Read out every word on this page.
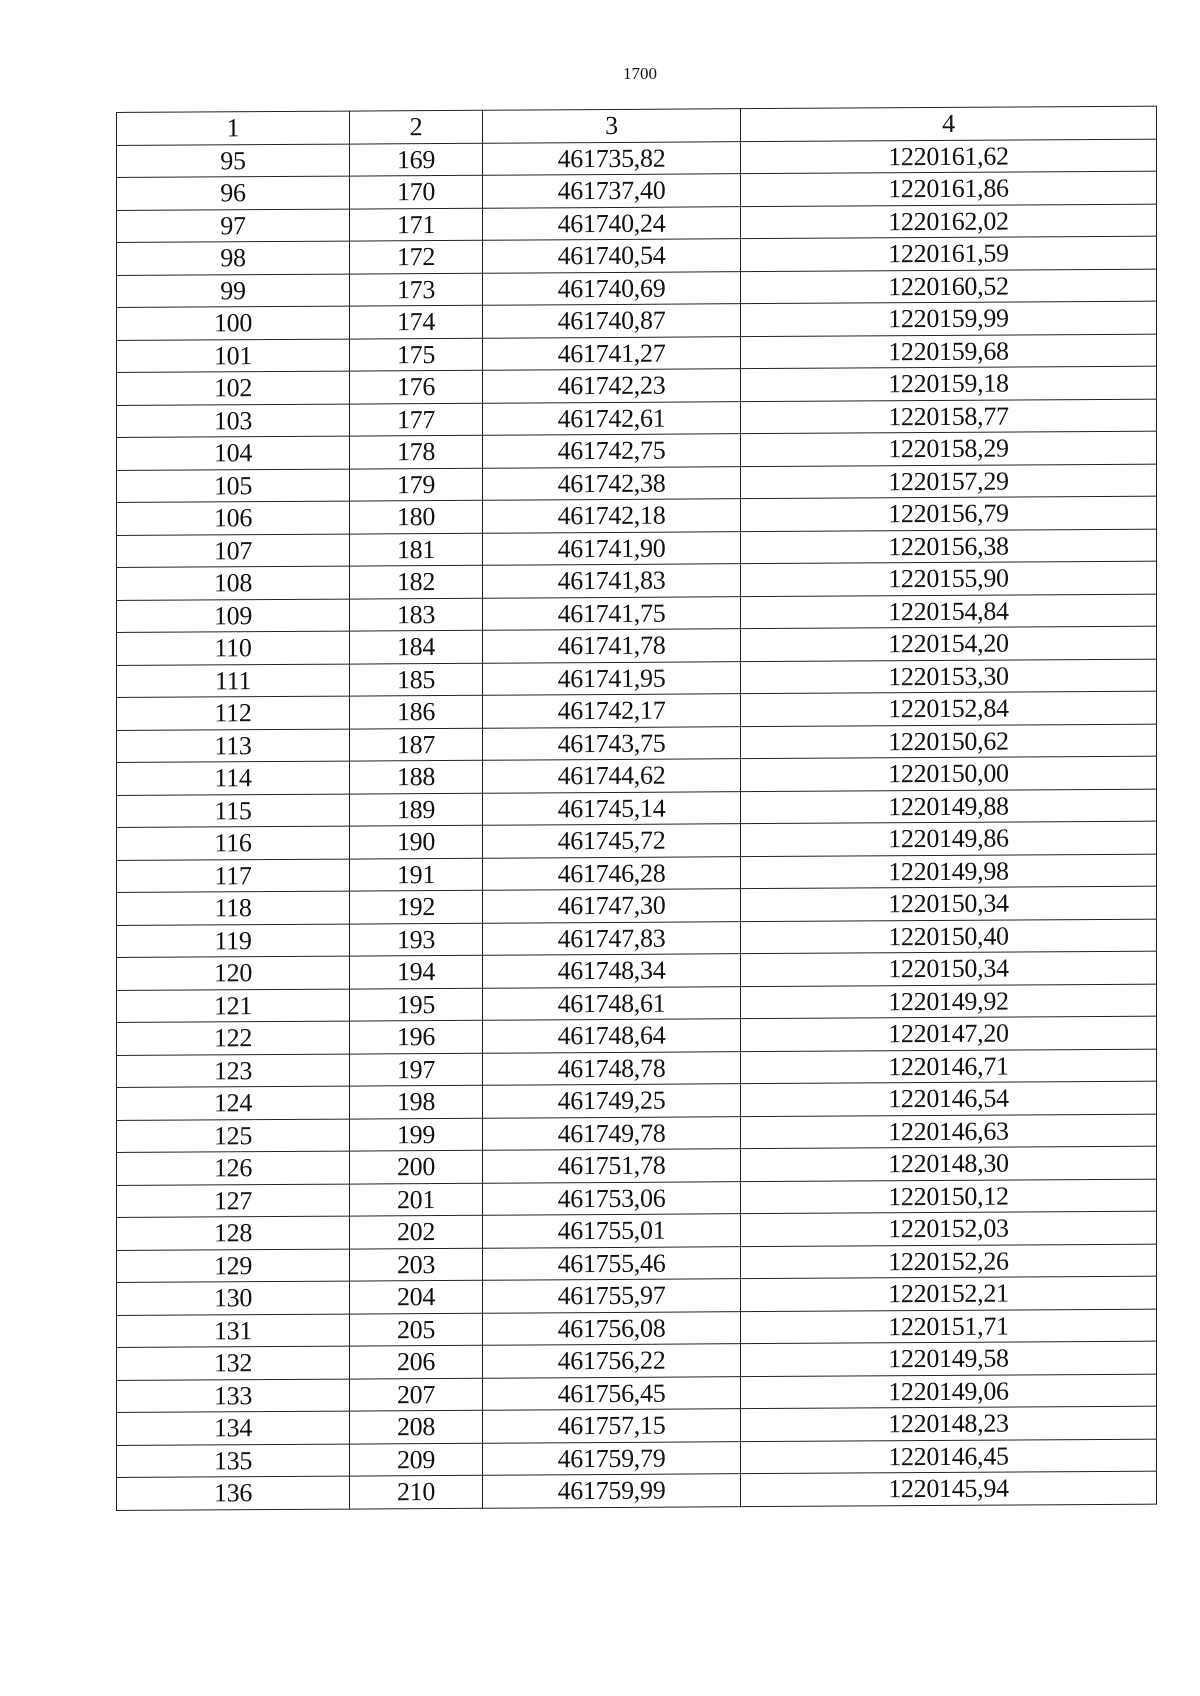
1700
1	2	3	4
95	169	461735,82	1220161,62
96	170	461737,40	1220161,86
97	171	461740,24	1220162,02
98	172	461740,54	1220161,59
99	173	461740,69	1220160,52
100	174	461740,87	1220159,99
101	175	461741,27	1220159,68
102	176	461742,23	1220159,18
103	177	461742,61	1220158,77
104	178	461742,75	1220158,29
105	179	461742,38	1220157,29
106	180	461742,18	1220156,79
107	181	461741,90	1220156,38
108	182	461741,83	1220155,90
109	183	461741,75	1220154,84
110	184	461741,78	1220154,20
111	185	461741,95	1220153,30
112	186	461742,17	1220152,84
113	187	461743,75	1220150,62
114	188	461744,62	1220150,00
115	189	461745,14	1220149,88
116	190	461745,72	1220149,86
117	191	461746,28	1220149,98
118	192	461747,30	1220150,34
119	193	461747,83	1220150,40
120	194	461748,34	1220150,34
121	195	461748,61	1220149,92
122	196	461748,64	1220147,20
123	197	461748,78	1220146,71
124	198	461749,25	1220146,54
125	199	461749,78	1220146,63
126	200	461751,78	1220148,30
127	201	461753,06	1220150,12
128	202	461755,01	1220152,03
129	203	461755,46	1220152,26
130	204	461755,97	1220152,21
131	205	461756,08	1220151,71
132	206	461756,22	1220149,58
133	207	461756,45	1220149,06
134	208	461757,15	1220148,23
135	209	461759,79	1220146,45
136	210	461759,99	1220145,94
